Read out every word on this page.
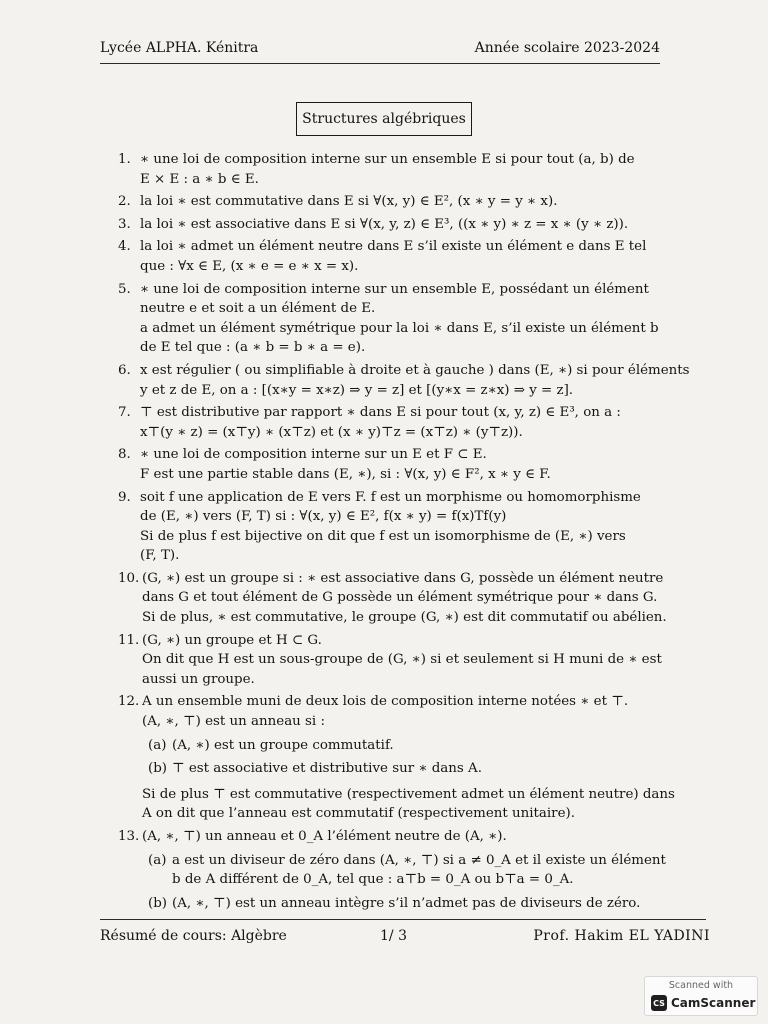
Lycée ALPHA. Kénitra	Année scolaire 2023-2024
Structures algébriques
1. ∗ une loi de composition interne sur un ensemble E si pour tout (a, b) de
E × E : a ∗ b ∈ E.
2. la loi ∗ est commutative dans E si ∀(x, y) ∈ E², (x ∗ y = y ∗ x).
3. la loi ∗ est associative dans E si ∀(x, y, z) ∈ E³, ((x ∗ y) ∗ z = x ∗ (y ∗ z)).
4. la loi ∗ admet un élément neutre dans E s’il existe un élément e dans E tel
que : ∀x ∈ E, (x ∗ e = e ∗ x = x).
5. ∗ une loi de composition interne sur un ensemble E, possédant un élément
neutre e et soit a un élément de E.
a admet un élément symétrique pour la loi ∗ dans E, s’il existe un élément b
de E tel que : (a ∗ b = b ∗ a = e).
6. x est régulier ( ou simplifiable à droite et à gauche ) dans (E, ∗) si pour éléments
y et z de E, on a : [(x∗y = x∗z) ⇒ y = z] et [(y∗x = z∗x) ⇒ y = z].
7. ⊤ est distributive par rapport ∗ dans E si pour tout (x, y, z) ∈ E³, on a :
x⊤(y ∗ z) = (x⊤y) ∗ (x⊤z) et (x ∗ y)⊤z = (x⊤z) ∗ (y⊤z)).
8. ∗ une loi de composition interne sur un E et F ⊂ E.
F est une partie stable dans (E, ∗), si : ∀(x, y) ∈ F², x ∗ y ∈ F.
9. soit f une application de E vers F. f est un morphisme ou homomorphisme
de (E, ∗) vers (F, T) si : ∀(x, y) ∈ E², f(x ∗ y) = f(x)Tf(y)
Si de plus f est bijective on dit que f est un isomorphisme de (E, ∗) vers
(F, T).
10. (G, ∗) est un groupe si : ∗ est associative dans G, possède un élément neutre
dans G et tout élément de G possède un élément symétrique pour ∗ dans G.
Si de plus, ∗ est commutative, le groupe (G, ∗) est dit commutatif ou abélien.
11. (G, ∗) un groupe et H ⊂ G.
On dit que H est un sous-groupe de (G, ∗) si et seulement si H muni de ∗ est
aussi un groupe.
12. A un ensemble muni de deux lois de composition interne notées ∗ et ⊤.
(A, ∗, ⊤) est un anneau si :
(a) (A, ∗) est un groupe commutatif.
(b) ⊤ est associative et distributive sur ∗ dans A.
Si de plus ⊤ est commutative (respectivement admet un élément neutre) dans
A on dit que l’anneau est commutatif (respectivement unitaire).
13. (A, ∗, ⊤) un anneau et 0_A l’élément neutre de (A, ∗).
(a) a est un diviseur de zéro dans (A, ∗, ⊤) si a ≠ 0_A et il existe un élément
b de A différent de 0_A, tel que : a⊤b = 0_A ou b⊤a = 0_A.
(b) (A, ∗, ⊤) est un anneau intègre s’il n’admet pas de diviseurs de zéro.
Résumé de cours: Algèbre	1/ 3	Prof. Hakim EL YADINI
Scanned with
CS CamScanner
